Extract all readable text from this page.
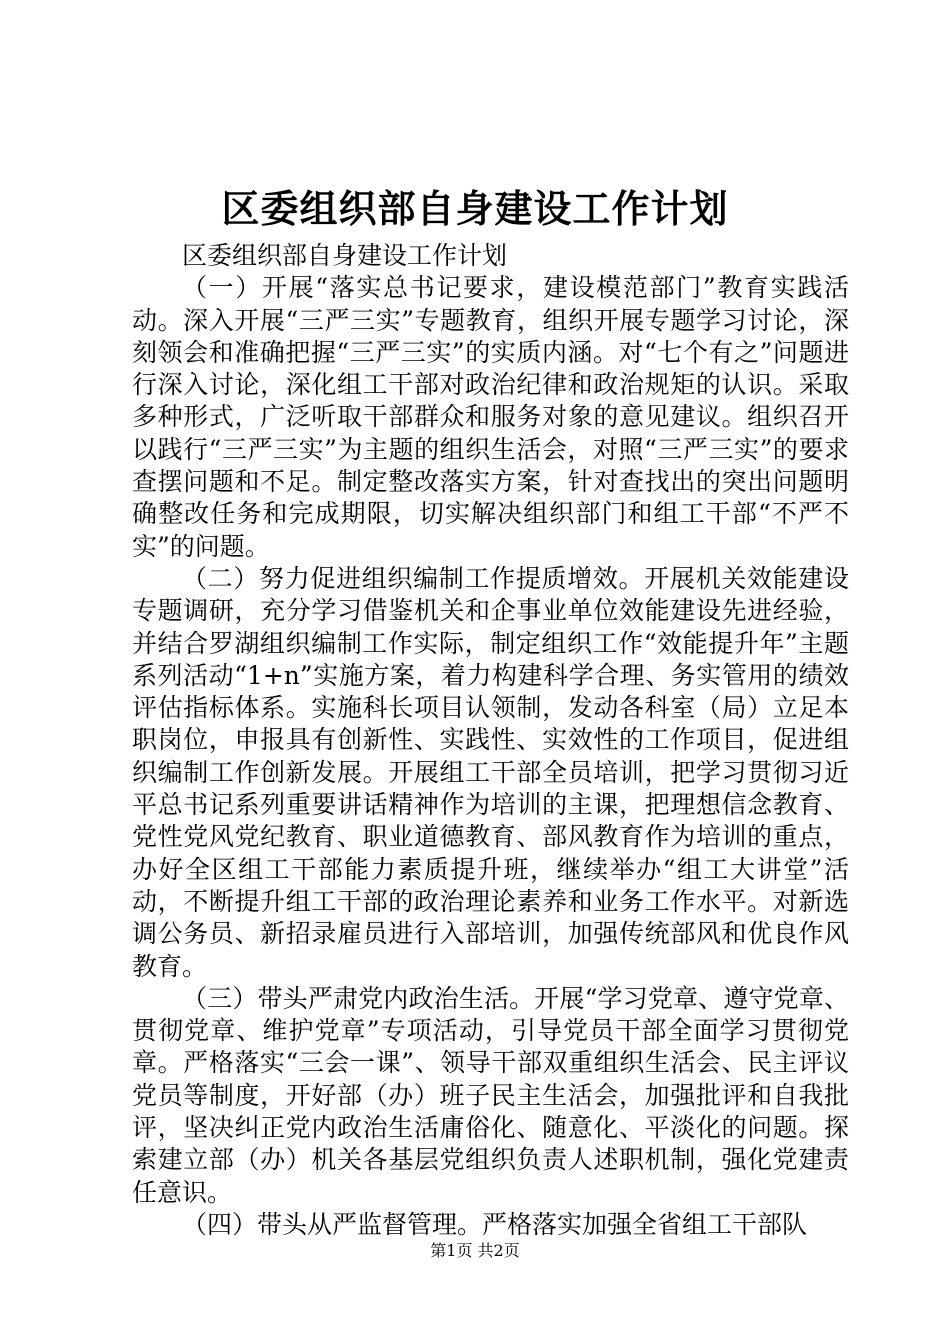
区委组织部自身建设工作计划

区委组织部自身建设工作计划

（一）开展“落实总书记要求，建设模范部门”教育实践活动。深入开展“三严三实”专题教育，组织开展专题学习讨论，深刻领会和准确把握“三严三实”的实质内涵。对“七个有之”问题进行深入讨论，深化组工干部对政治纪律和政治规矩的认识。采取多种形式，广泛听取干部群众和服务对象的意见建议。组织召开以践行“三严三实”为主题的组织生活会，对照“三严三实”的要求查摆问题和不足。制定整改落实方案，针对查找出的突出问题明确整改任务和完成期限，切实解决组织部门和组工干部“不严不实”的问题。

（二）努力促进组织编制工作提质增效。开展机关效能建设专题调研，充分学习借鉴机关和企事业单位效能建设先进经验，并结合罗湖组织编制工作实际，制定组织工作“效能提升年”主题系列活动“1+n”实施方案，着力构建科学合理、务实管用的绩效评估指标体系。实施科长项目认领制，发动各科室（局）立足本职岗位，申报具有创新性、实践性、实效性的工作项目，促进组织编制工作创新发展。开展组工干部全员培训，把学习贯彻习近平总书记系列重要讲话精神作为培训的主课，把理想信念教育、党性党风党纪教育、职业道德教育、部风教育作为培训的重点，办好全区组工干部能力素质提升班，继续举办“组工大讲堂”活动，不断提升组工干部的政治理论素养和业务工作水平。对新选调公务员、新招录雇员进行入部培训，加强传统部风和优良作风教育。

（三）带头严肃党内政治生活。开展“学习党章、遵守党章、贯彻党章、维护党章”专项活动，引导党员干部全面学习贯彻党章。严格落实“三会一课”、领导干部双重组织生活会、民主评议党员等制度，开好部（办）班子民主生活会，加强批评和自我批评，坚决纠正党内政治生活庸俗化、随意化、平淡化的问题。探索建立部（办）机关各基层党组织负责人述职机制，强化党建责任意识。

（四）带头从严监督管理。严格落实加强全省组工干部队

第1页 共2页
